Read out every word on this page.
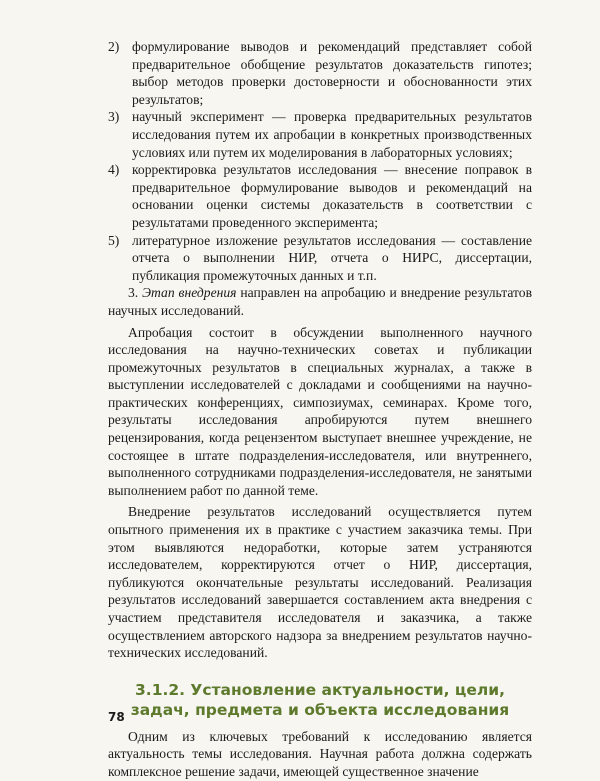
2) формулирование выводов и рекомендаций представляет собой предварительное обобщение результатов доказательств гипотез; выбор методов проверки достоверности и обоснованности этих результатов;
3) научный эксперимент — проверка предварительных результатов исследования путем их апробации в конкретных производственных условиях или путем их моделирования в лабораторных условиях;
4) корректировка результатов исследования — внесение поправок в предварительное формулирование выводов и рекомендаций на основании оценки системы доказательств в соответствии с результатами проведенного эксперимента;
5) литературное изложение результатов исследования — составление отчета о выполнении НИР, отчета о НИРС, диссертации, публикация промежуточных данных и т.п.

3. Этап внедрения направлен на апробацию и внедрение результатов научных исследований.

Апробация состоит в обсуждении выполненного научного исследования на научно-технических советах и публикации промежуточных результатов в специальных журналах, а также в выступлении исследователей с докладами и сообщениями на научно-практических конференциях, симпозиумах, семинарах. Кроме того, результаты исследования апробируются путем внешнего рецензирования, когда рецензентом выступает внешнее учреждение, не состоящее в штате подразделения-исследователя, или внутреннего, выполненного сотрудниками подразделения-исследователя, не занятыми выполнением работ по данной теме.

Внедрение результатов исследований осуществляется путем опытного применения их в практике с участием заказчика темы. При этом выявляются недоработки, которые затем устраняются исследователем, корректируются отчет о НИР, диссертация, публикуются окончательные результаты исследований. Реализация результатов исследований завершается составлением акта внедрения с участием представителя исследователя и заказчика, а также осуществлением авторского надзора за внедрением результатов научно-технических исследований.

3.1.2. Установление актуальности, цели,
задач, предмета и объекта исследования

Одним из ключевых требований к исследованию является актуальность темы исследования. Научная работа должна содержать комплексное решение задачи, имеющей существенное значение

78
